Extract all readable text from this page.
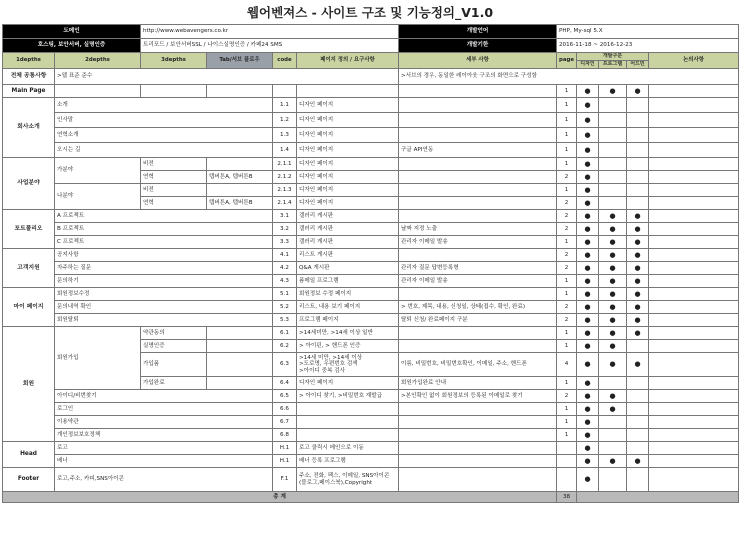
웹어벤져스 - 사이트 구조 및 기능정의_V1.0
도메인		http://www.webavengers.co.kr				개발언어	PHP, My-sql 5.X				
호스팅, 보안서버, 실명인증		트리포드 / 보안서버SSL / 나이스실명인증 / 카페24 SMS				개발기한	2016-11-18 ~ 2016-12-23				
1depths	2depths	3depths	Tab/서브 플로우	code	페이지 정의 / 요구사항	세부 사항	page	개발구분			논의사항
								디자인	프로그램	어드민	
전체 공통사항	>웹 표준 준수					>서브의 경우, 동일한 레이아웃 구조의 화면으로 구성함					
Main Page							1	●	●	●	
회사소개	소개			1.1	디자인 페이지		1	●			
	인사말			1.2	디자인 페이지		1	●			
	연혁소개			1.3	디자인 페이지		1	●			
	오시는 길			1.4	디자인 페이지	구글 API연동	1	●			
사업분야	가분야	비전		2.1.1	디자인 페이지		1	●			
		연혁	탭버튼A, 탭버튼B	2.1.2	디자인 페이지		2	●			
	나분야	비전		2.1.3	디자인 페이지		1	●			
		연혁	탭버튼A, 탭버튼B	2.1.4	디자인 페이지		2	●			
포트폴리오	A 프로젝트			3.1	갤러리 게시판		2	●	●	●	
	B 프로젝트			3.2	갤러리 게시판	날짜 지정 노출	2	●	●	●	
	C 프로젝트			3.3	갤러리 게시판	관리자 이메일 발송	1	●	●	●	
고객지원	공지사항			4.1	리스트 게시판		2	●	●	●	
	자주하는 질문			4.2	Q&A 게시판	관리자 질문 답변등록형	2	●	●	●	
	문의하기			4.3	폼메일 프로그램	관리자 이메일 발송	1	●	●	●	
마이 페이지	회원정보수정			5.1	회원정보 수정 페이지		1	●	●	●	
	문의내역 확인			5.2	리스트, 내용 보기 페이지	> 번호, 제목, 내용, 신청일, 상태(접수, 확인, 완료)	2	●	●	●	
	회원탈퇴			5.3	프로그램 페이지	탈퇴 신청/ 완료페이지 구분	2	●	●	●	
회원	회원가입	약관동의		6.1	>14세미만, >14세 이상 일반		1	●	●	●	
		실명인증		6.2	> 아이핀, > 핸드폰 인증		1	●	●		
		가입폼		6.3	>14세 미만, >14세 이상
>도로명, 우편번호 검색
>아이디 중복 검사	이름, 비밀번호, 비밀번호확인, 이메일, 주소, 핸드폰	4	●	●	●	
		가입완료		6.4	디자인 페이지	회원가입완료 안내	1	●			
	아이디/비번찾기			6.5	> 아이디 찾기, >비밀번호 재발급	>본인확인 없이 회원정보의 등록된 이메일로 찾기	2	●	●		
	로그인			6.6			1	●	●		
	이용약관			6.7			1	●			
	개인정보보호정책			6.8			1	●			
Head	로고			H.1	로고 클릭시 메인으로 이동			●			
	배너			H.1	배너 등록 프로그램			●	●	●	
Footer	로고,주소, 카피,SNS아이콘			F.1	주소, 전화, 팩스, 이메일, SNS아이콘(블로그,페이스북),Copyright			●			
총 계							38				
